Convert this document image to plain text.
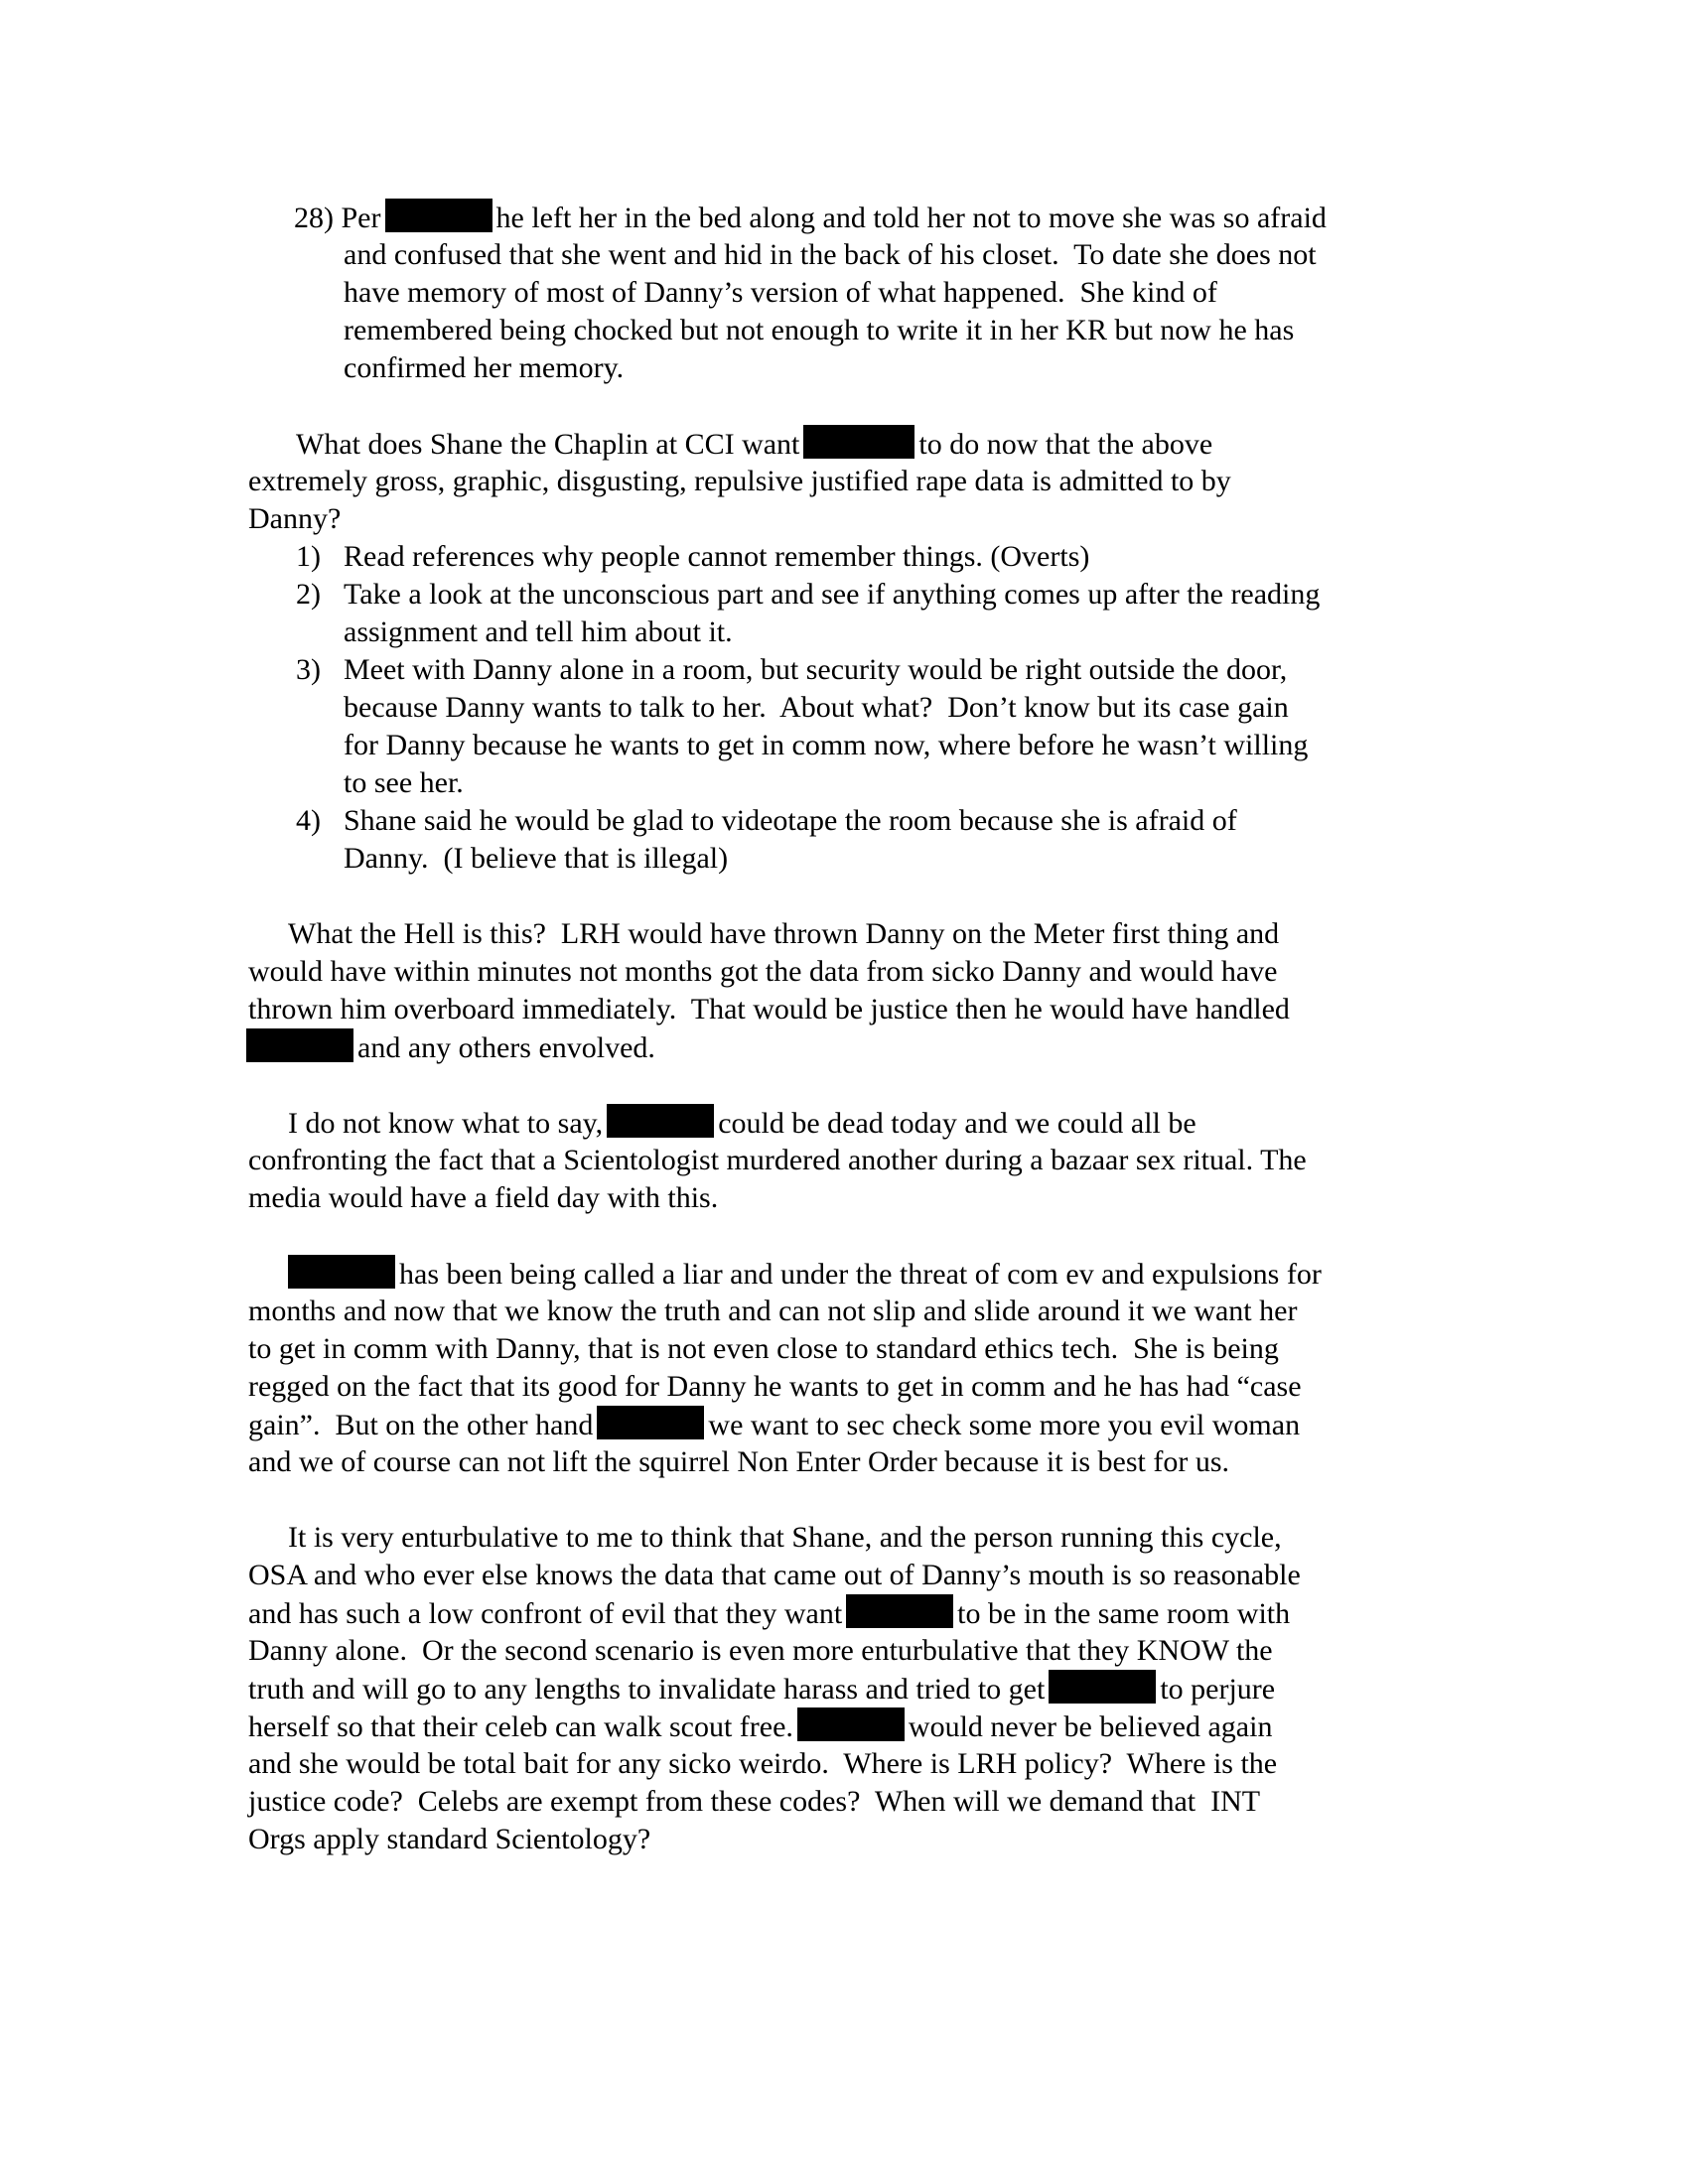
28) Per	he left her in the bed along and told her not to move she was so afraid
and confused that she went and hid in the back of his closet.  To date she does not
have memory of most of Danny’s version of what happened.  She kind of
remembered being chocked but not enough to write it in her KR but now he has
confirmed her memory.
What does Shane the Chaplin at CCI want	to do now that the above
extremely gross, graphic, disgusting, repulsive justified rape data is admitted to by
Danny?
1) Read references why people cannot remember things. (Overts)
2) Take a look at the unconscious part and see if anything comes up after the reading
assignment and tell him about it.
3) Meet with Danny alone in a room, but security would be right outside the door,
because Danny wants to talk to her.  About what?  Don’t know but its case gain
for Danny because he wants to get in comm now, where before he wasn’t willing
to see her.
4) Shane said he would be glad to videotape the room because she is afraid of
Danny.  (I believe that is illegal)
What the Hell is this?  LRH would have thrown Danny on the Meter first thing and
would have within minutes not months got the data from sicko Danny and would have
thrown him overboard immediately.  That would be justice then he would have handled
and any others envolved.
I do not know what to say,	could be dead today and we could all be
confronting the fact that a Scientologist murdered another during a bazaar sex ritual. The
media would have a field day with this.
has been being called a liar and under the threat of com ev and expulsions for
months and now that we know the truth and can not slip and slide around it we want her
to get in comm with Danny, that is not even close to standard ethics tech.  She is being
regged on the fact that its good for Danny he wants to get in comm and he has had “case
gain”.  But on the other hand	we want to sec check some more you evil woman
and we of course can not lift the squirrel Non Enter Order because it is best for us.
It is very enturbulative to me to think that Shane, and the person running this cycle,
OSA and who ever else knows the data that came out of Danny’s mouth is so reasonable
and has such a low confront of evil that they want	to be in the same room with
Danny alone.  Or the second scenario is even more enturbulative that they KNOW the
truth and will go to any lengths to invalidate harass and tried to get	to perjure
herself so that their celeb can walk scout free.	would never be believed again
and she would be total bait for any sicko weirdo.  Where is LRH policy?  Where is the
justice code?  Celebs are exempt from these codes?  When will we demand that  INT
Orgs apply standard Scientology?
